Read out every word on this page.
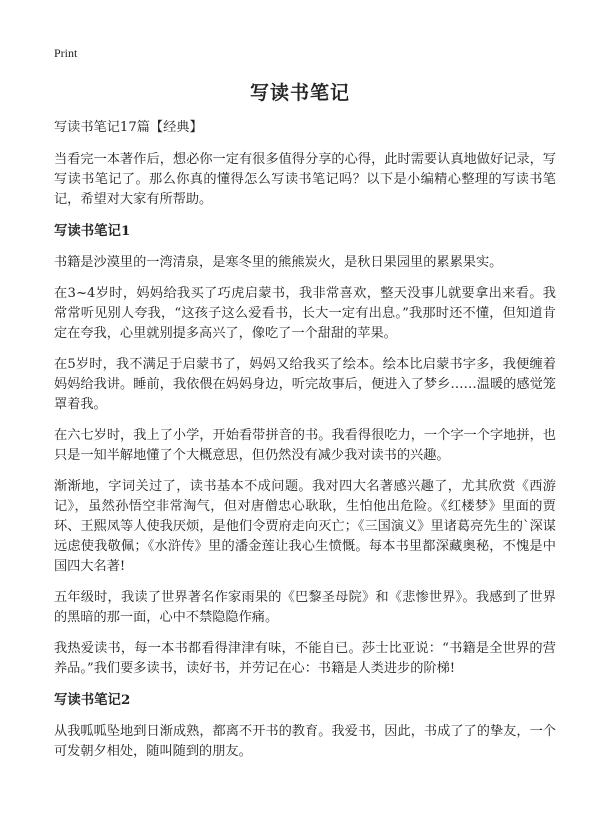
Print
写读书笔记

写读书笔记17篇【经典】

当看完一本著作后，想必你一定有很多值得分享的心得，此时需要认真地做好记录，写写读书笔记了。那么你真的懂得怎么写读书笔记吗？以下是小编精心整理的写读书笔记，希望对大家有所帮助。

写读书笔记1

书籍是沙漠里的一湾清泉，是寒冬里的熊熊炭火，是秋日果园里的累累果实。

在3~4岁时，妈妈给我买了巧虎启蒙书，我非常喜欢，整天没事儿就要拿出来看。我常常听见别人夸我，“这孩子这么爱看书，长大一定有出息。”我那时还不懂，但知道肯定在夸我，心里就别提多高兴了，像吃了一个甜甜的苹果。

在5岁时，我不满足于启蒙书了，妈妈又给我买了绘本。绘本比启蒙书字多，我便缠着妈妈给我讲。睡前，我依偎在妈妈身边，听完故事后，便进入了梦乡……温暖的感觉笼罩着我。

在六七岁时，我上了小学，开始看带拼音的书。我看得很吃力，一个字一个字地拼，也只是一知半解地懂了个大概意思，但仍然没有减少我对读书的兴趣。

渐渐地，字词关过了，读书基本不成问题。我对四大名著感兴趣了，尤其欣赏《西游记》，虽然孙悟空非常淘气，但对唐僧忠心耿耿，生怕他出危险。《红楼梦》里面的贾环、王熙凤等人使我厌烦，是他们令贾府走向灭亡；《三国演义》里诸葛亮先生的`深谋远虑使我敬佩；《水浒传》里的潘金莲让我心生愤慨。每本书里都深藏奥秘，不愧是中国四大名著!

五年级时，我读了世界著名作家雨果的《巴黎圣母院》和《悲惨世界》。我感到了世界的黑暗的那一面，心中不禁隐隐作痛。

我热爱读书，每一本书都看得津津有味，不能自已。莎士比亚说：“书籍是全世界的营养品。”我们要多读书，读好书，并劳记在心：书籍是人类进步的阶梯!

写读书笔记2

从我呱呱坠地到日渐成熟，都离不开书的教育。我爱书，因此，书成了了的挚友，一个可发朝夕相处，随叫随到的朋友。
